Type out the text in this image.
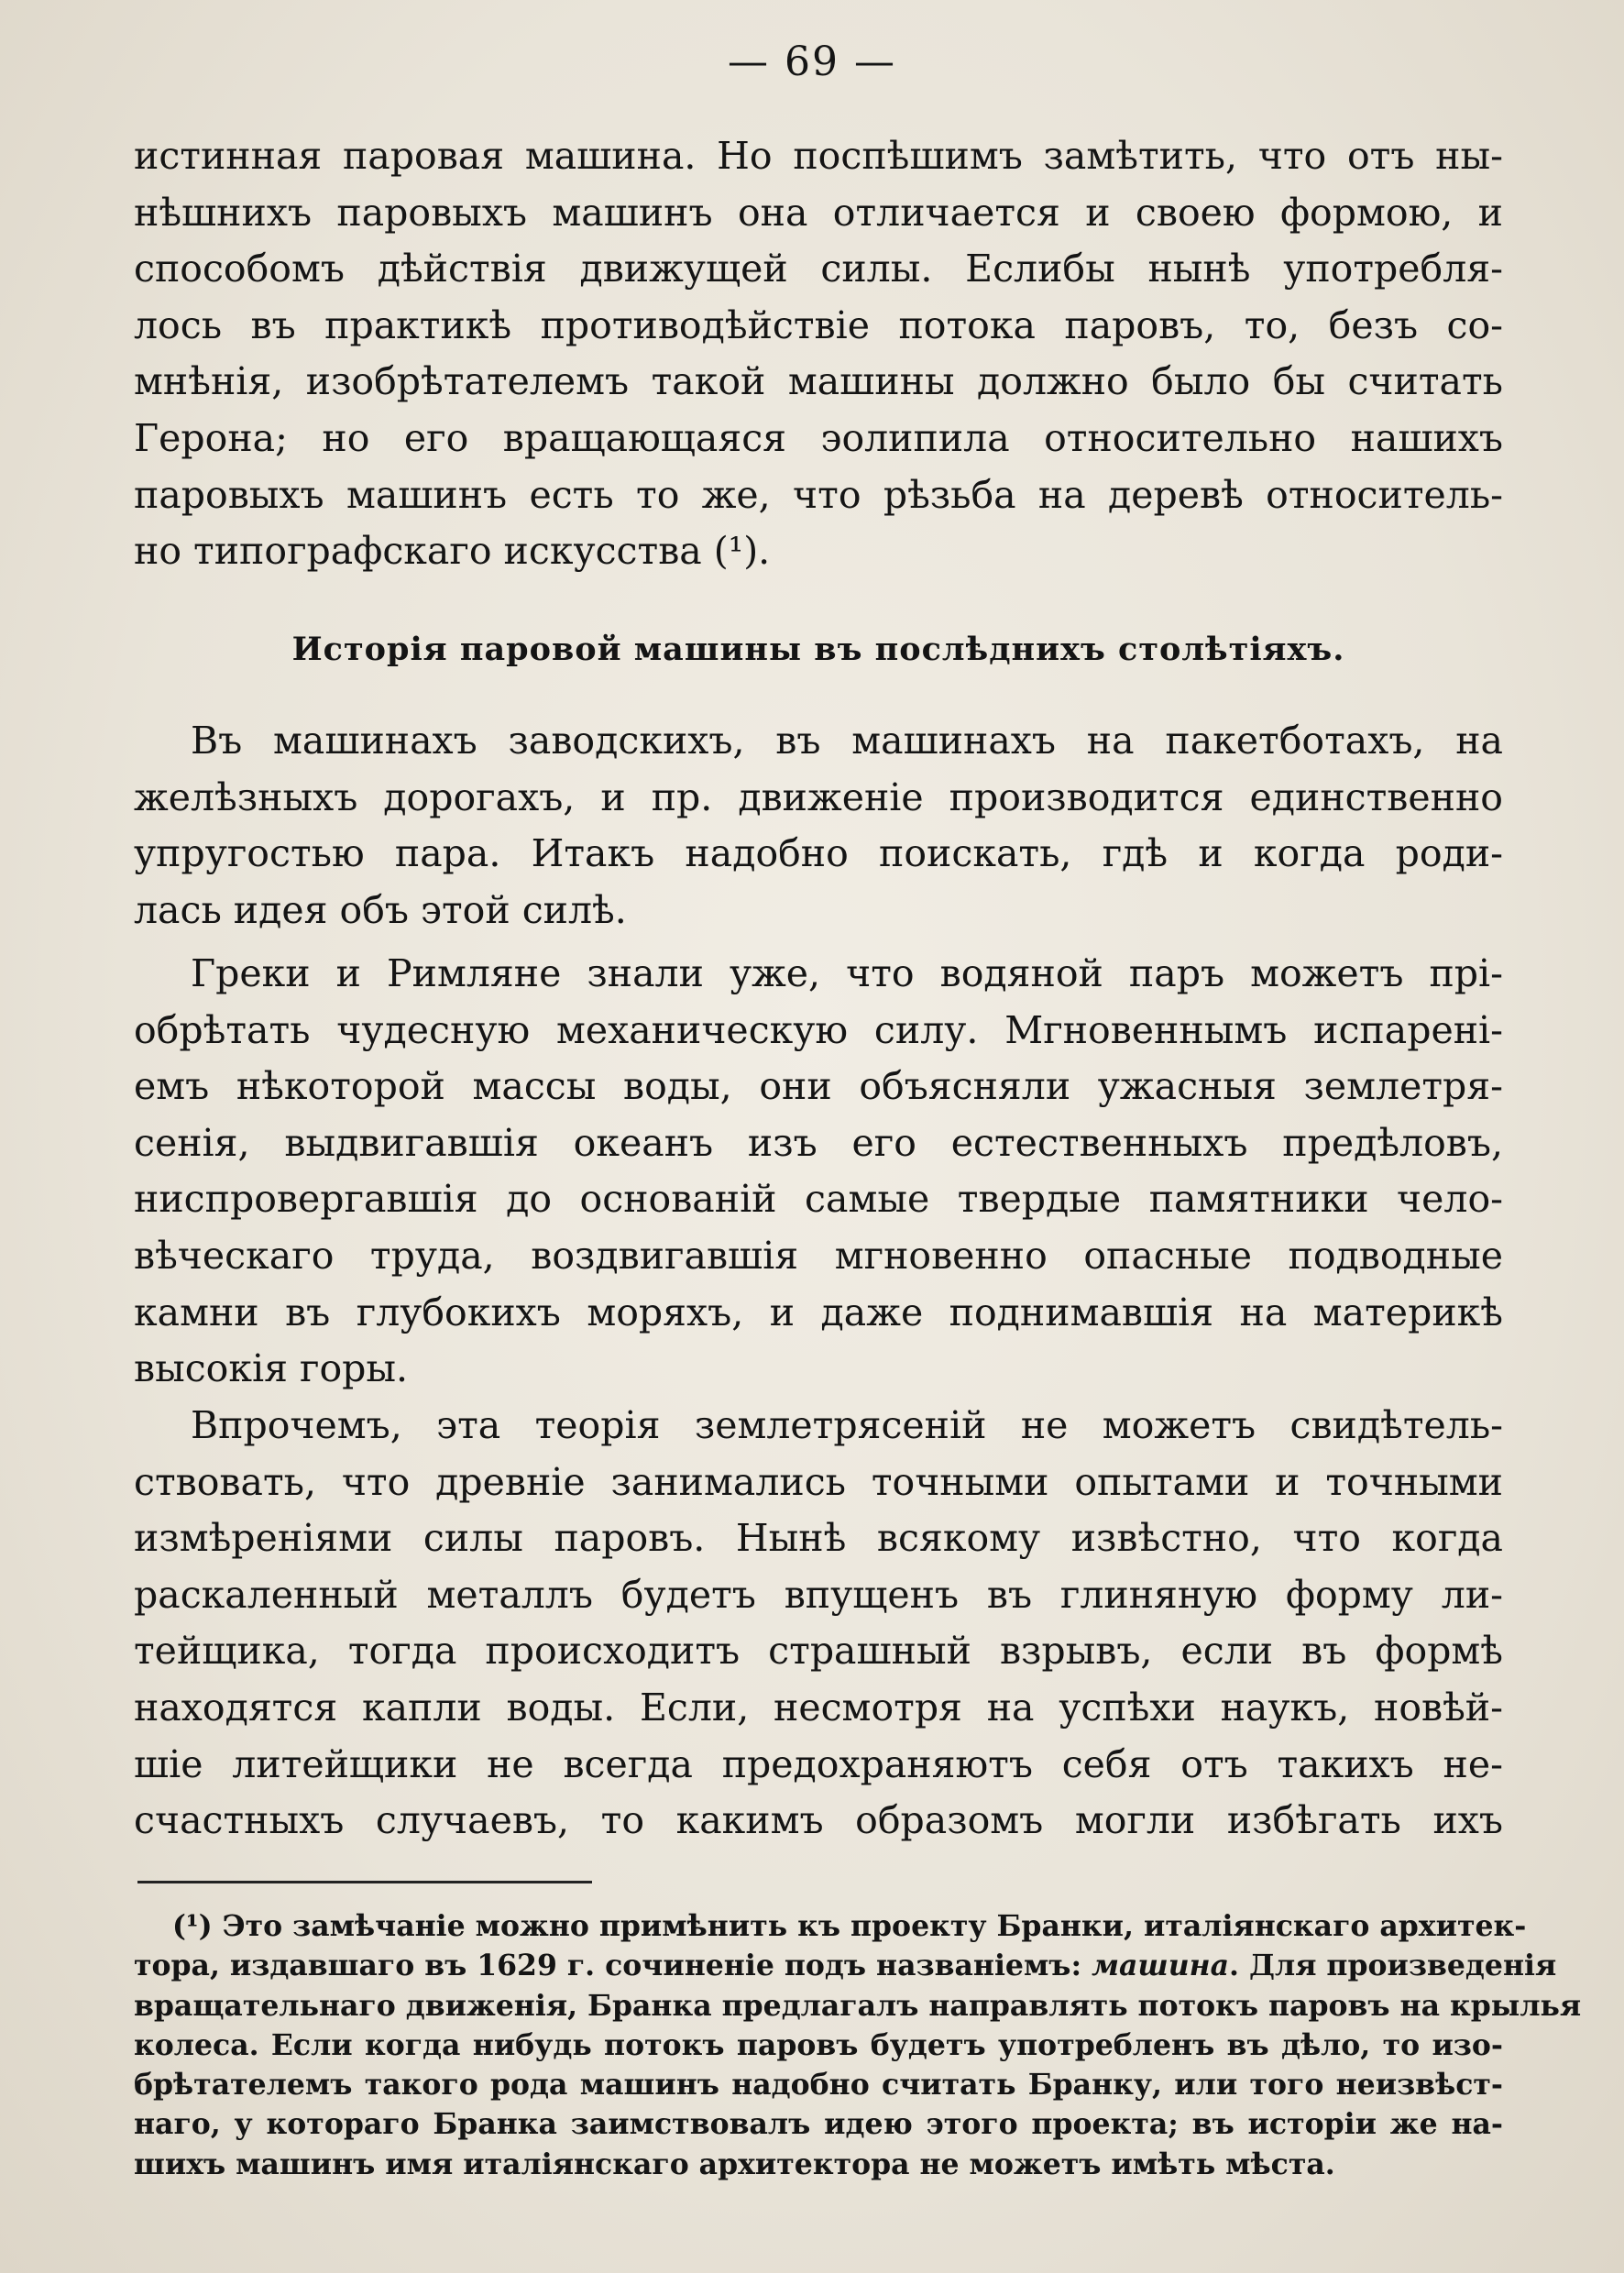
— 69 —
истинная паровая машина. Но поспѣшимъ замѣтить, что отъ ны-
нѣшнихъ паровыхъ машинъ она отличается и своею формою, и
способомъ дѣйствія движущей силы. Еслибы нынѣ употребля-
лось въ практикѣ противодѣйствіе потока паровъ, то, безъ со-
мнѣнія, изобрѣтателемъ такой машины должно было бы считать
Герона; но его вращающаяся эолипила относительно нашихъ
паровыхъ машинъ есть то же, что рѣзьба на деревѣ относитель-
но типографскаго искусства (¹).
Исторія паровой машины въ послѣднихъ столѣтіяхъ.
Въ машинахъ заводскихъ, въ машинахъ на пакетботахъ, на
желѣзныхъ дорогахъ, и пр. движеніе производится единственно
упругостью пара. Итакъ надобно поискать, гдѣ и когда роди-
лась идея объ этой силѣ.
Греки и Римляне знали уже, что водяной паръ можетъ прі-
обрѣтать чудесную механическую силу. Мгновеннымъ испарені-
емъ нѣкоторой массы воды, они объясняли ужасныя землетря-
сенія, выдвигавшія океанъ изъ его естественныхъ предѣловъ,
ниспровергавшія до основаній самые твердые памятники чело-
вѣческаго труда, воздвигавшія мгновенно опасные подводные
камни въ глубокихъ моряхъ, и даже поднимавшія на материкѣ
высокія горы.
Впрочемъ, эта теорія землетрясеній не можетъ свидѣтель-
ствовать, что древніе занимались точными опытами и точными
измѣреніями силы паровъ. Нынѣ всякому извѣстно, что когда
раскаленный металлъ будетъ впущенъ въ глиняную форму ли-
тейщика, тогда происходитъ страшный взрывъ, если въ формѣ
находятся капли воды. Если, несмотря на успѣхи наукъ, новѣй-
шіе литейщики не всегда предохраняютъ себя отъ такихъ не-
счастныхъ случаевъ, то какимъ образомъ могли избѣгать ихъ
(¹) Это замѣчаніе можно примѣнить къ проекту Бранки, италіянскаго архитек-
тора, издавшаго въ 1629 г. сочиненіе подъ названіемъ: машина. Для произведенія
вращательнаго движенія, Бранка предлагалъ направлять потокъ паровъ на крылья
колеса. Если когда нибудь потокъ паровъ будетъ употребленъ въ дѣло, то изо-
брѣтателемъ такого рода машинъ надобно считать Бранку, или того неизвѣст-
наго, у котораго Бранка заимствовалъ идею этого проекта; въ исторіи же на-
шихъ машинъ имя италіянскаго архитектора не можетъ имѣть мѣста.
